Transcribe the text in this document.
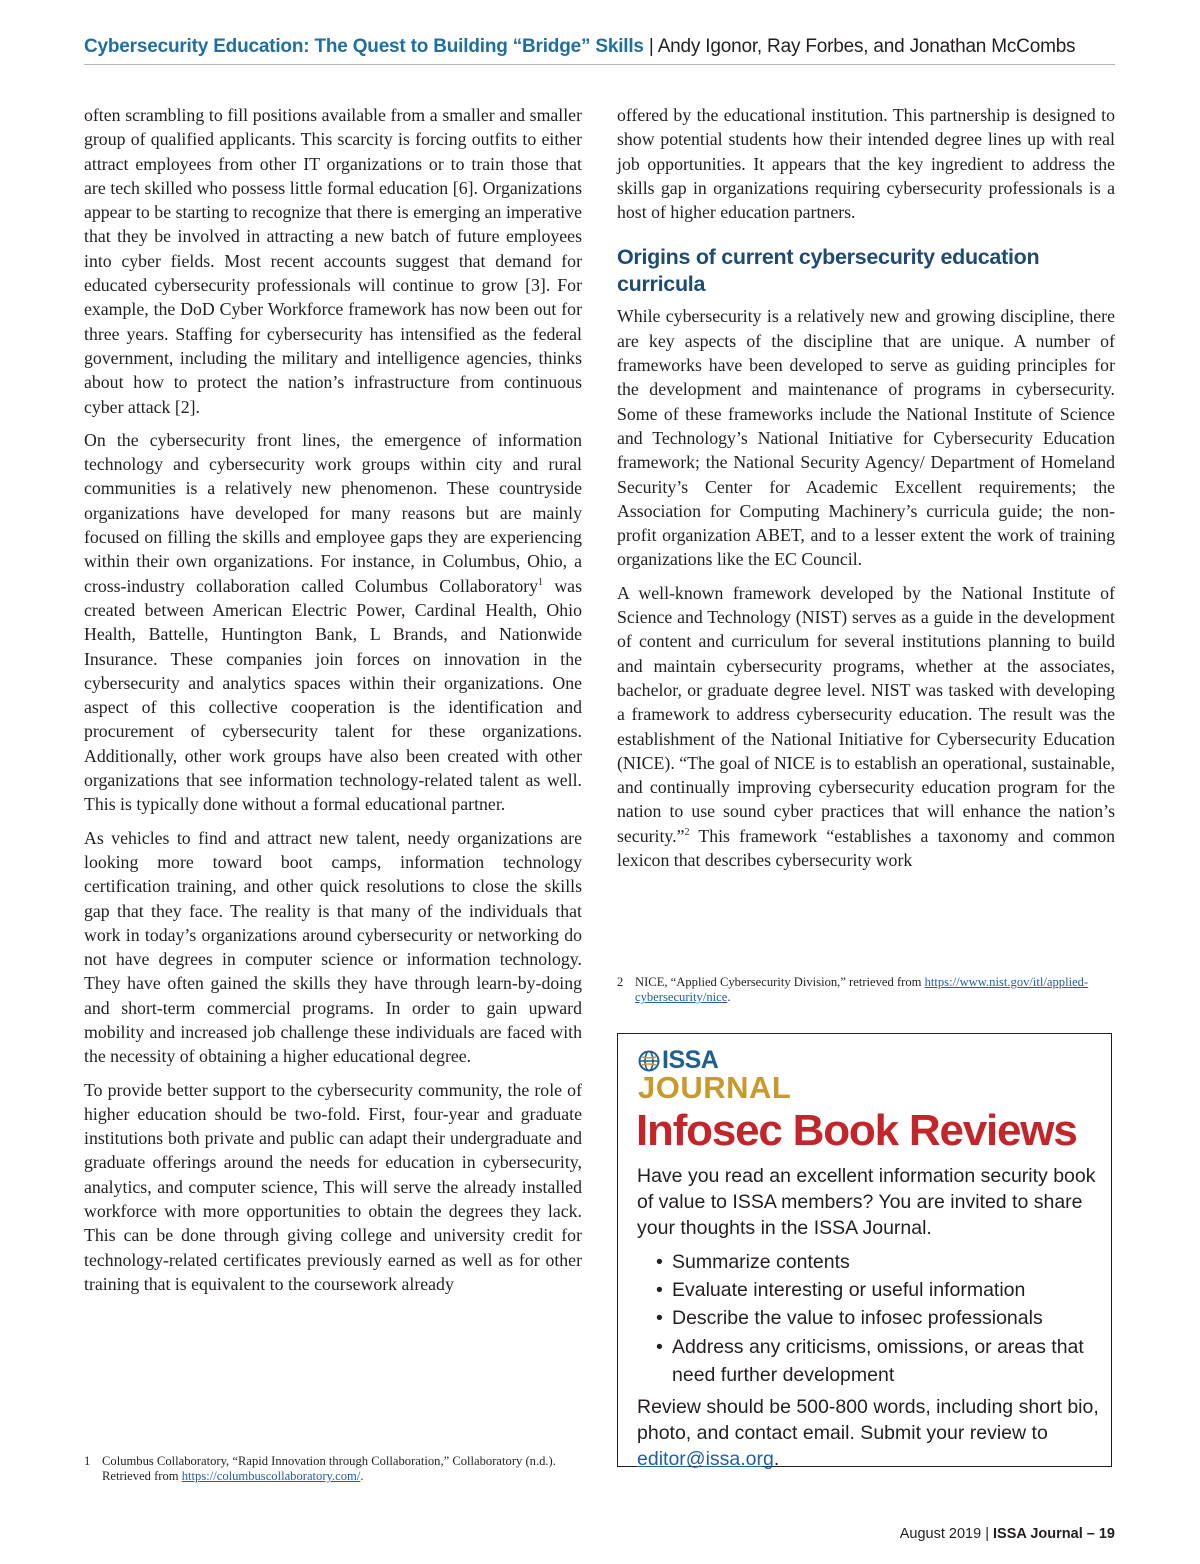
Cybersecurity Education: The Quest to Building “Bridge” Skills | Andy Igonor, Ray Forbes, and Jonathan McCombs

often scrambling to fill positions available from a smaller and smaller group of qualified applicants. This scarcity is forcing outfits to either attract employees from other IT organizations or to train those that are tech skilled who possess little formal education [6]. Organizations appear to be starting to recognize that there is emerging an imperative that they be involved in attracting a new batch of future employees into cyber fields. Most recent accounts suggest that demand for educated cybersecurity professionals will continue to grow [3]. For example, the DoD Cyber Workforce framework has now been out for three years. Staffing for cybersecurity has intensified as the federal government, including the military and intelligence agencies, thinks about how to protect the nation’s infrastructure from continuous cyber attack [2].

On the cybersecurity front lines, the emergence of information technology and cybersecurity work groups within city and rural communities is a relatively new phenomenon. These countryside organizations have developed for many reasons but are mainly focused on filling the skills and employee gaps they are experiencing within their own organizations. For instance, in Columbus, Ohio, a cross-industry collaboration called Columbus Collaboratory$^1$ was created between American Electric Power, Cardinal Health, Ohio Health, Battelle, Huntington Bank, L Brands, and Nationwide Insurance. These companies join forces on innovation in the cybersecurity and analytics spaces within their organizations. One aspect of this collective cooperation is the identification and procurement of cybersecurity talent for these organizations. Additionally, other work groups have also been created with other organizations that see information technology-related talent as well. This is typically done without a formal educational partner.

As vehicles to find and attract new talent, needy organizations are looking more toward boot camps, information technology certification training, and other quick resolutions to close the skills gap that they face. The reality is that many of the individuals that work in today’s organizations around cybersecurity or networking do not have degrees in computer science or information technology. They have often gained the skills they have through learn-by-doing and short-term commercial programs. In order to gain upward mobility and increased job challenge these individuals are faced with the necessity of obtaining a higher educational degree.

To provide better support to the cybersecurity community, the role of higher education should be two-fold. First, four-year and graduate institutions both private and public can adapt their undergraduate and graduate offerings around the needs for education in cybersecurity, analytics, and computer science, This will serve the already installed workforce with more opportunities to obtain the degrees they lack. This can be done through giving college and university credit for technology-related certificates previously earned as well as for other training that is equivalent to the coursework already

offered by the educational institution. This partnership is designed to show potential students how their intended degree lines up with real job opportunities. It appears that the key ingredient to address the skills gap in organizations requiring cybersecurity professionals is a host of higher education partners.

Origins of current cybersecurity education curricula

While cybersecurity is a relatively new and growing discipline, there are key aspects of the discipline that are unique. A number of frameworks have been developed to serve as guiding principles for the development and maintenance of programs in cybersecurity. Some of these frameworks include the National Institute of Science and Technology’s National Initiative for Cybersecurity Education framework; the National Security Agency/ Department of Homeland Security’s Center for Academic Excellent requirements; the Association for Computing Machinery’s curricula guide; the non-profit organization ABET, and to a lesser extent the work of training organizations like the EC Council.

A well-known framework developed by the National Institute of Science and Technology (NIST) serves as a guide in the development of content and curriculum for several institutions planning to build and maintain cybersecurity programs, whether at the associates, bachelor, or graduate degree level. NIST was tasked with developing a framework to address cybersecurity education. The result was the establishment of the National Initiative for Cybersecurity Education (NICE). “The goal of NICE is to establish an operational, sustainable, and continually improving cybersecurity education program for the nation to use sound cyber practices that will enhance the nation’s security.”$^2$ This framework “establishes a taxonomy and common lexicon that describes cybersecurity work

1 Columbus Collaboratory, “Rapid Innovation through Collaboration,” Collaboratory (n.d.). Retrieved from https://columbuscollaboratory.com/.
2 NICE, “Applied Cybersecurity Division,” retrieved from https://www.nist.gov/itl/applied-cybersecurity/nice.
ISSA
JOURNAL
Infosec Book Reviews
Have you read an excellent information security book of value to ISSA members? You are invited to share your thoughts in the ISSA Journal.
• Summarize contents
• Evaluate interesting or useful information
• Describe the value to infosec professionals
• Address any criticisms, omissions, or areas that need further development
Review should be 500-800 words, including short bio, photo, and contact email. Submit your review to editor@issa.org.
August 2019 | ISSA Journal – 19
